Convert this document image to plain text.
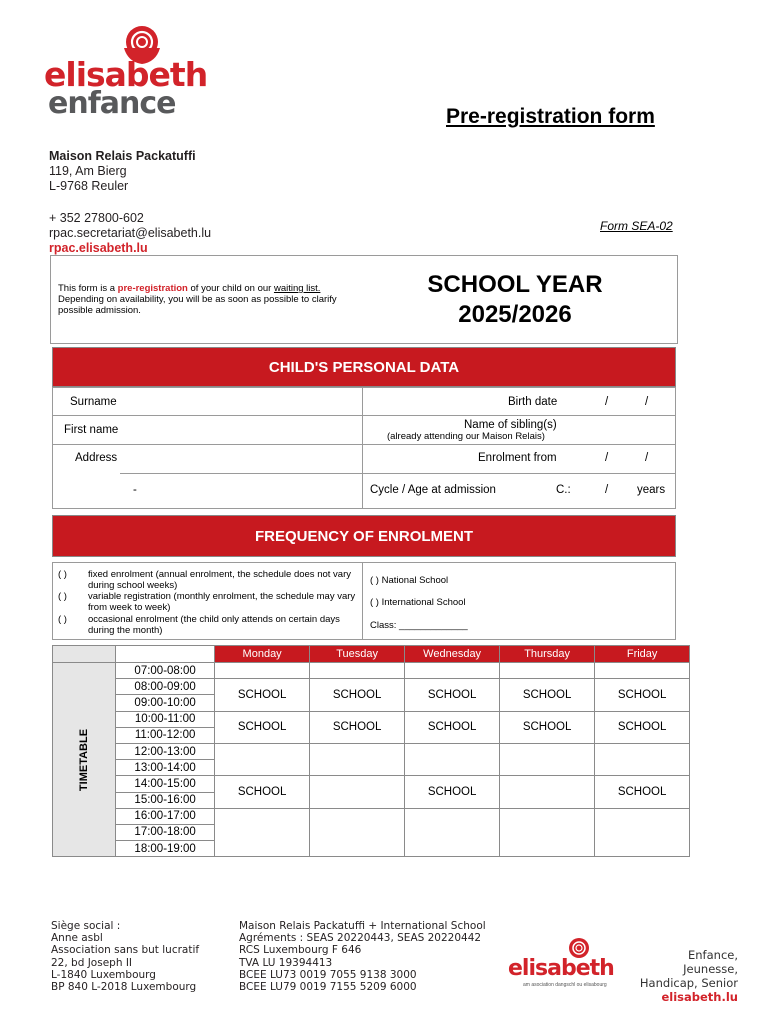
elisabeth
enfance	Pre-registration form
Maison Relais Packatuffi
119, Am Bierg
L-9768 Reuler
+ 352 27800-602
rpac.secretariat@elisabeth.lu
rpac.elisabeth.lu
Form SEA-02
This form is a pre-registration of your child on our waiting list. Depending on availability, you will be as soon as possible to clarify possible admission.
SCHOOL YEAR
2025/2026
CHILD'S PERSONAL DATA
Surname	Birth date	/	/
First name	Name of sibling(s)
(already attending our Maison Relais)
Address	Enrolment from	/	/
-	Cycle / Age at admission	C.:	/	years
FREQUENCY OF ENROLMENT
( ) fixed enrolment (annual enrolment, the schedule does not vary during school weeks)
( ) variable registration (monthly enrolment, the schedule may vary from week to week)
( ) occasional enrolment (the child only attends on certain days during the month)
( ) National School
( ) International School
Class: _____________
		Monday	Tuesday	Wednesday	Thursday	Friday

TIMETABLE	07:00-08:00					
	08:00-09:00	SCHOOL	SCHOOL	SCHOOL	SCHOOL	SCHOOL
	09:00-10:00					
	10:00-11:00	SCHOOL	SCHOOL	SCHOOL	SCHOOL	SCHOOL
	11:00-12:00					
	12:00-13:00					
	13:00-14:00					
	14:00-15:00	SCHOOL		SCHOOL		SCHOOL
	15:00-16:00					
	16:00-17:00					
	17:00-18:00					
	18:00-19:00					
Siège social :
Anne asbl
Association sans but lucratif
22, bd Joseph II
L-1840 Luxembourg
BP 840 L-2018 Luxembourg
Maison Relais Packatuffi + International School
Agréments : SEAS 20220443, SEAS 20220442
RCS Luxembourg F 646
TVA LU 19394413
BCEE LU73 0019 7055 9138 3000
BCEE LU79 0019 7155 5209 6000
elisabeth
am asociation dangschl ou elisabourg
Enfance, Jeunesse,
Handicap, Senior
elisabeth.lu
